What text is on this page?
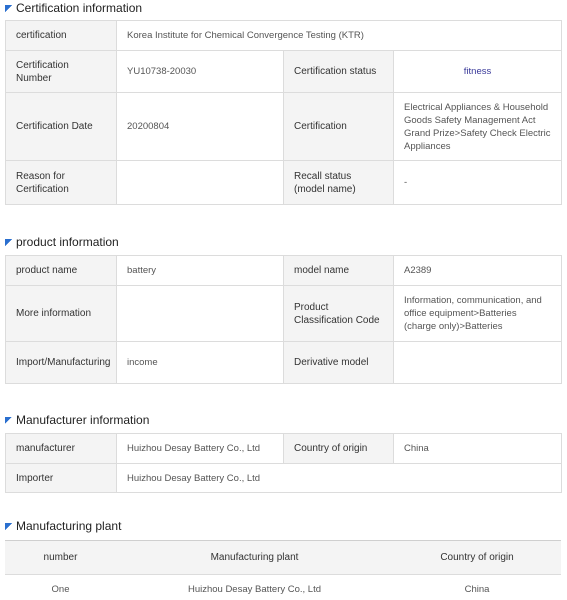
Certification information
certification	Korea Institute for Chemical Convergence Testing (KTR)		
Certification Number	YU10738-20030	Certification status	fitness
Certification Date	20200804	Certification	Electrical Appliances & Household Goods Safety Management Act Grand Prize>Safety Check Electric Appliances
Reason for Certification		Recall status (model name)	-
product information
product name	battery	model name	A2389
More information		Product Classification Code	Information, communication, and office equipment>Batteries (charge only)>Batteries
Import/Manufacturing	income	Derivative model	
Manufacturer information
manufacturer	Huizhou Desay Battery Co., Ltd	Country of origin	China
Importer	Huizhou Desay Battery Co., Ltd		
Manufacturing plant
number	Manufacturing plant	Country of origin
One	Huizhou Desay Battery Co., Ltd	China
